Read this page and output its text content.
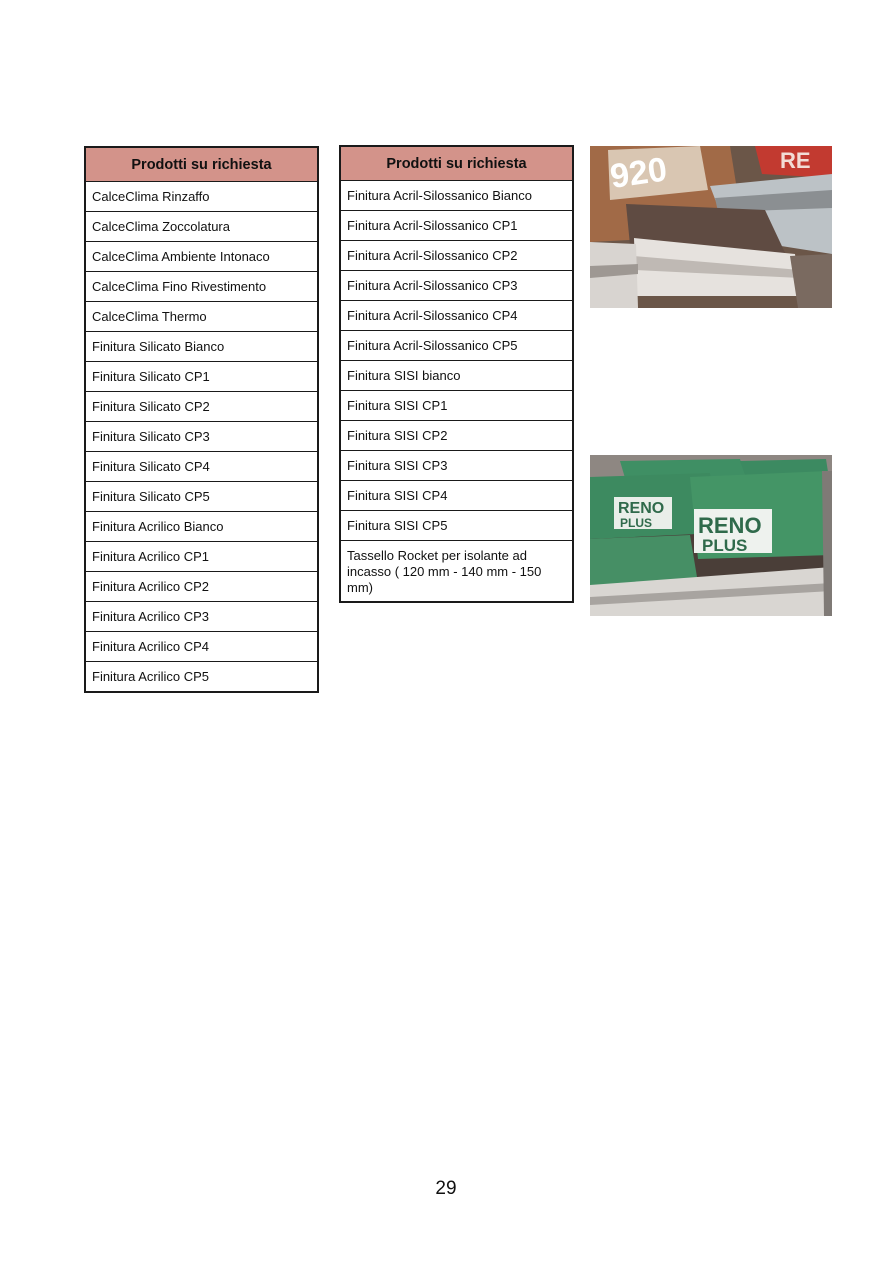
Prodotti su richiesta
CalceClima Rinzaffo
CalceClima Zoccolatura
CalceClima Ambiente Intonaco
CalceClima Fino Rivestimento
CalceClima Thermo
Finitura Silicato Bianco
Finitura Silicato CP1
Finitura Silicato CP2
Finitura Silicato CP3
Finitura Silicato CP4
Finitura Silicato CP5
Finitura Acrilico Bianco
Finitura Acrilico CP1
Finitura Acrilico CP2
Finitura Acrilico CP3
Finitura Acrilico CP4
Finitura Acrilico CP5
Prodotti su richiesta
Finitura Acril-Silossanico Bianco
Finitura Acril-Silossanico CP1
Finitura Acril-Silossanico CP2
Finitura Acril-Silossanico CP3
Finitura Acril-Silossanico CP4
Finitura Acril-Silossanico CP5
Finitura SISI bianco
Finitura SISI CP1
Finitura SISI CP2
Finitura SISI CP3
Finitura SISI CP4
Finitura SISI CP5
Tassello Rocket per isolante ad incasso ( 120 mm - 140 mm - 150 mm)
RE
920
RENO
PLUS RENO
PLUS
29
